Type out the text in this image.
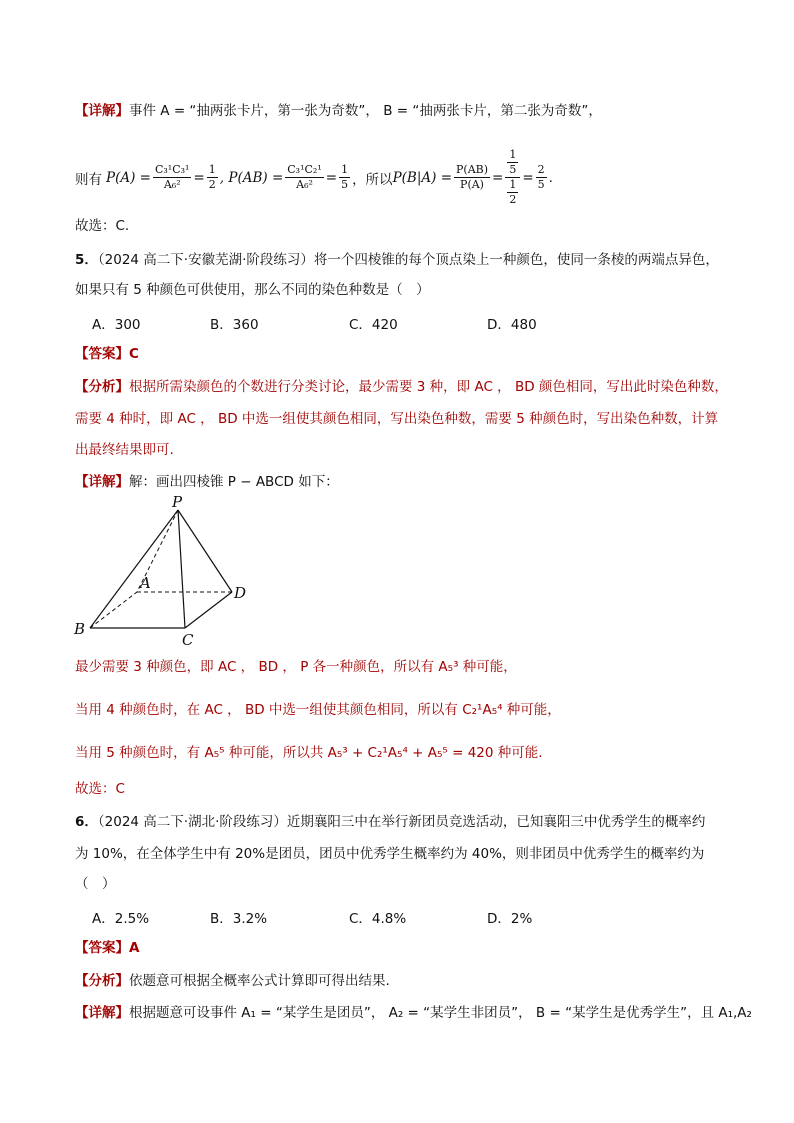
【详解】事件 A = “抽两张卡片，第一张为奇数”， B = “抽两张卡片，第二张为奇数”，
则有 $P(A) = \frac{\text{C₃¹C₃¹}}{\text{A₆²}} = \frac{1}{2}$ , $P(AB) = \frac{\text{C₃¹C₂¹}}{\text{A₆²}} = \frac{1}{5}$ ，所以 $P(B|A) = \frac{P(AB)}{P(A)} = \frac{\frac{1}{5}}{\frac{1}{2}} = \frac{2}{5}$ .
故选：C.
5．（2024 高二下·安徽芜湖·阶段练习）将一个四棱锥的每个顶点染上一种颜色，使同一条棱的两端点异色，
如果只有 5 种颜色可供使用，那么不同的染色种数是（　）
A．300	B．360	C．420	D．480
【答案】C
【分析】根据所需染颜色的个数进行分类讨论，最少需要 3 种，即 AC ， BD 颜色相同，写出此时染色种数，
需要 4 种时，即 AC ， BD 中选一组使其颜色相同，写出染色种数，需要 5 种颜色时，写出染色种数，计算
出最终结果即可.
【详解】解：画出四棱锥 P − ABCD 如下：
P
A
B
C
D
最少需要 3 种颜色，即 AC ， BD ， P 各一种颜色，所以有 A₅³ 种可能，
当用 4 种颜色时，在 AC ， BD 中选一组使其颜色相同，所以有 C₂¹A₅⁴ 种可能，
当用 5 种颜色时，有 A₅⁵ 种可能，所以共 A₅³ + C₂¹A₅⁴ + A₅⁵ = 420 种可能.
故选：C
6．（2024 高二下·湖北·阶段练习）近期襄阳三中在举行新团员竞选活动，已知襄阳三中优秀学生的概率约
为 10%，在全体学生中有 20%是团员，团员中优秀学生概率约为 40%，则非团员中优秀学生的概率约为
（　）
A．2.5%	B．3.2%	C．4.8%	D．2%
【答案】A
【分析】依题意可根据全概率公式计算即可得出结果.
【详解】根据题意可设事件 A₁ = “某学生是团员”， A₂ = “某学生非团员”， B = “某学生是优秀学生”，且 A₁,A₂
